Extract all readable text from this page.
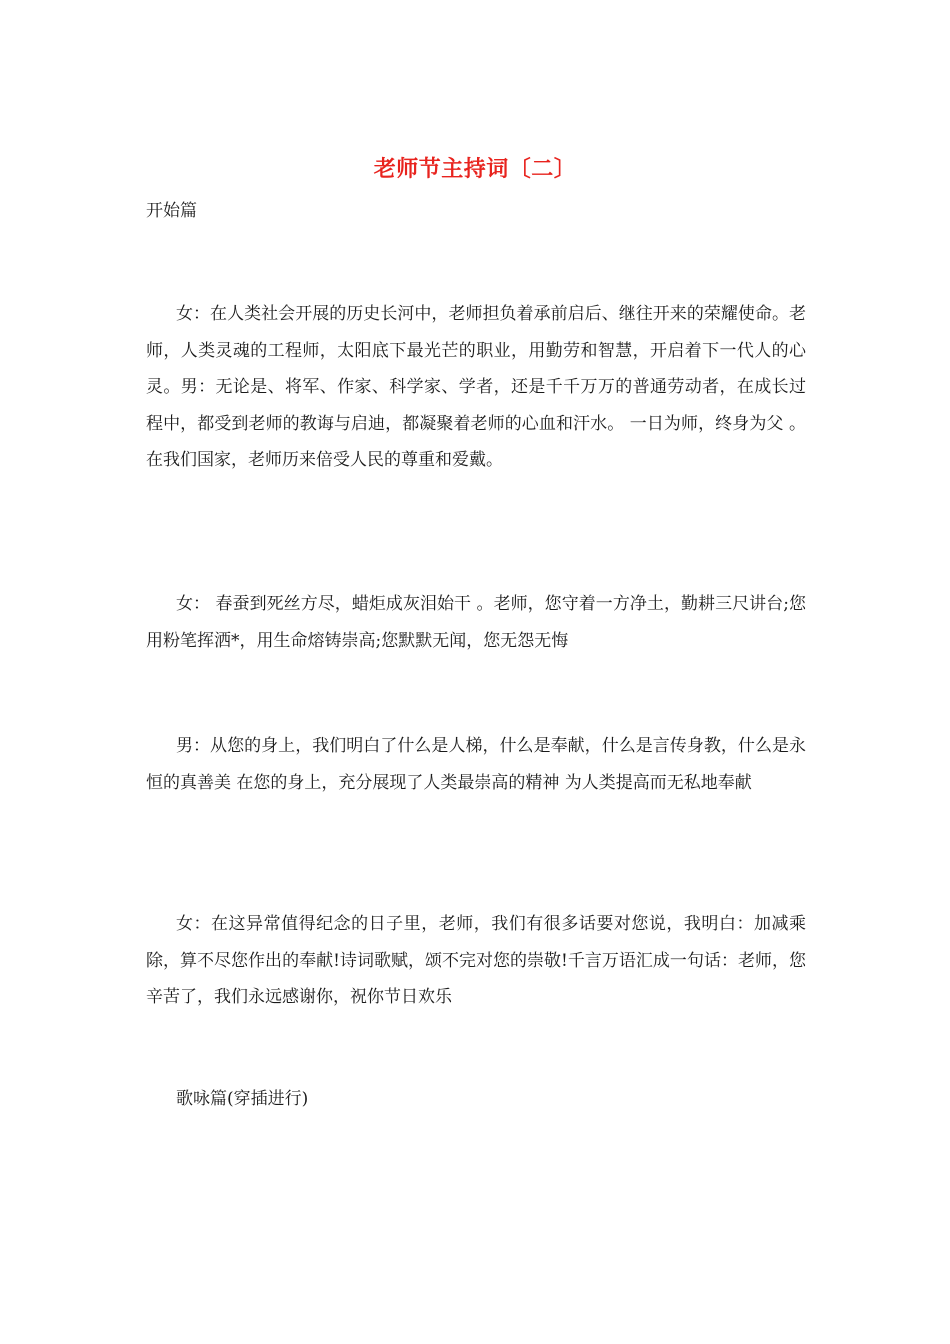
老师节主持词〔二〕
开始篇

女：在人类社会开展的历史长河中，老师担负着承前启后、继往开来的荣耀使命。老师，人类灵魂的工程师，太阳底下最光芒的职业，用勤劳和智慧，开启着下一代人的心灵。男：无论是、将军、作家、科学家、学者，还是千千万万的普通劳动者，在成长过程中，都受到老师的教诲与启迪，都凝聚着老师的心血和汗水。 一日为师，终身为父 。在我们国家，老师历来倍受人民的尊重和爱戴。

女： 春蚕到死丝方尽，蜡炬成灰泪始干 。老师，您守着一方净土，勤耕三尺讲台;您用粉笔挥洒*，用生命熔铸崇高;您默默无闻，您无怨无悔

男：从您的身上，我们明白了什么是人梯，什么是奉献，什么是言传身教，什么是永恒的真善美 在您的身上，充分展现了人类最崇高的精神 为人类提高而无私地奉献

女：在这异常值得纪念的日子里，老师，我们有很多话要对您说，我明白：加减乘除，算不尽您作出的奉献!诗词歌赋，颂不完对您的崇敬!千言万语汇成一句话：老师，您辛苦了，我们永远感谢你，祝你节日欢乐

歌咏篇(穿插进行)
